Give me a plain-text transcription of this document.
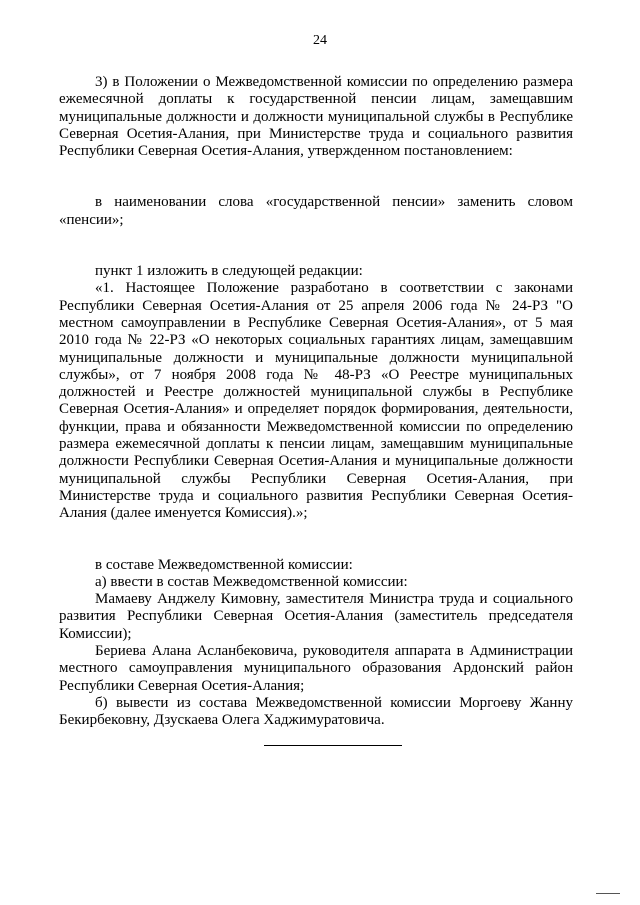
24

3) в Положении о Межведомственной комиссии по определению размера ежемесячной доплаты к государственной пенсии лицам, замещавшим муниципальные должности и должности муниципальной службы в Республике Северная Осетия-Алания, при Министерстве труда и социального развития Республики Северная Осетия-Алания, утвержденном постановлением:

в наименовании слова «государственной пенсии» заменить словом «пенсии»;

пункт 1 изложить в следующей редакции:

«1. Настоящее Положение разработано в соответствии с законами Республики Северная Осетия-Алания от 25 апреля 2006 года № 24-РЗ "О местном самоуправлении в Республике Северная Осетия-Алания», от 5 мая 2010 года № 22-РЗ «О некоторых социальных гарантиях лицам, замещавшим муниципальные должности и муниципальные должности муниципальной службы», от 7 ноября 2008 года № 48-РЗ «О Реестре муниципальных должностей и Реестре должностей муниципальной службы в Республике Северная Осетия-Алания» и определяет порядок формирования, деятельности, функции, права и обязанности Межведомственной комиссии по определению размера ежемесячной доплаты к пенсии лицам, замещавшим муниципальные должности Республики Северная Осетия-Алания и муниципальные должности муниципальной службы Республики Северная Осетия-Алания, при Министерстве труда и социального развития Республики Северная Осетия-Алания (далее именуется Комиссия).»;

в составе Межведомственной комиссии:

а) ввести в состав Межведомственной комиссии:

Мамаеву Анджелу Кимовну, заместителя Министра труда и социального развития Республики Северная Осетия-Алания (заместитель председателя Комиссии);

Бериева Алана Асланбековича, руководителя аппарата в Администрации местного самоуправления муниципального образования Ардонский район Республики Северная Осетия-Алания;

б) вывести из состава Межведомственной комиссии Моргоеву Жанну Бекирбековну, Дзускаева Олега Хаджимуратовича.
